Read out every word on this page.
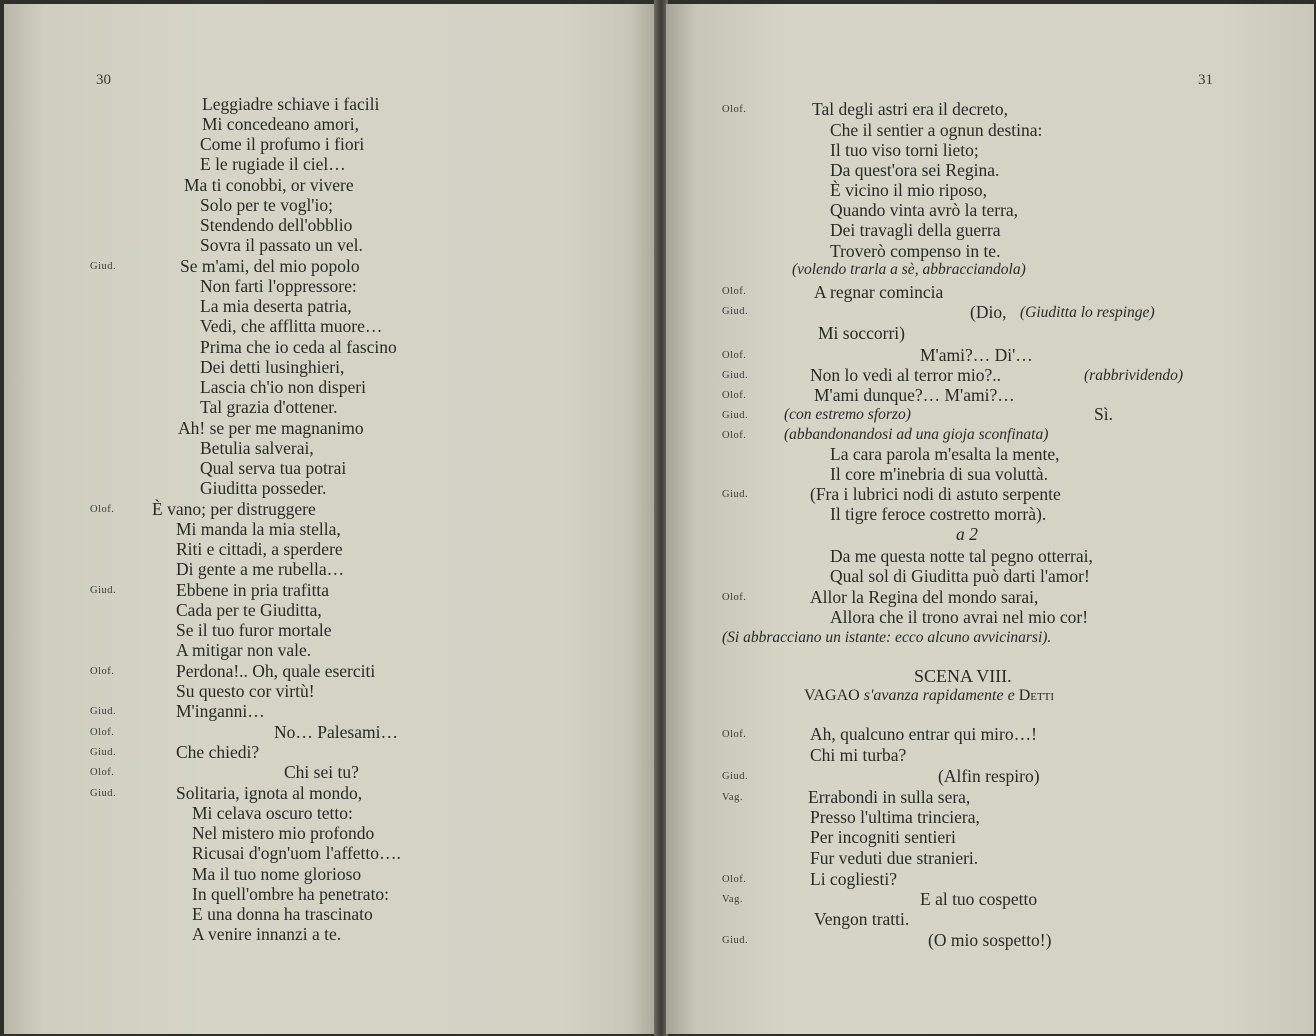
30
Leggiadre schiave i facili
Mi concedeano amori,
Come il profumo i fiori
E le rugiade il ciel…
Ma ti conobbi, or vivere
Solo per te vogl'io;
Stendendo dell'obblio
Sovra il passato un vel.
Giud.	Se m'ami, del mio popolo
Non farti l'oppressore:
La mia deserta patria,
Vedi, che afflitta muore…
Prima che io ceda al fascino
Dei detti lusinghieri,
Lascia ch'io non disperi
Tal grazia d'ottener.
Ah! se per me magnanimo
Betulia salverai,
Qual serva tua potrai
Giuditta posseder.
Olof. È vano; per distruggere
Mi manda la mia stella,
Riti e cittadi, a sperdere
Di gente a me rubella…
Giud.	Ebbene in pria trafitta
Cada per te Giuditta,
Se il tuo furor mortale
A mitigar non vale.
Olof.	Perdona!.. Oh, quale eserciti
Su questo cor virtù!
Giud.	M'inganni…
Olof.	No… Palesami…
Giud.	Che chiedi?
Olof.	Chi sei tu?
Giud.	Solitaria, ignota al mondo,
Mi celava oscuro tetto:
Nel mistero mio profondo
Ricusai d'ogn'uom l'affetto….
Ma il tuo nome glorioso
In quell'ombre ha penetrato:
E una donna ha trascinato
A venire innanzi a te.
31
Olof.	Tal degli astri era il decreto,
Che il sentier a ognun destina:
Il tuo viso torni lieto;
Da quest'ora sei Regina.
È vicino il mio riposo,
Quando vinta avrò la terra,
Dei travagli della guerra
Troverò compenso in te.
(volendo trarla a sè, abbracciandola)
Olof.	A regnar comincia
Giud.	(Dio, (Giuditta lo respinge)
Mi soccorri)
Olof.	M'ami?… Di'…
Giud.	Non lo vedi al terror mio?..	(rabbrividendo)
Olof.	M'ami dunque?… M'ami?…
Giud. (con estremo sforzo)	Sì.
Olof. (abbandonandosi ad una gioja sconfinata)
La cara parola m'esalta la mente,
Il core m'inebria di sua voluttà.
Giud.	(Fra i lubrici nodi di astuto serpente
Il tigre feroce costretto morrà).
a 2
Da me questa notte tal pegno otterrai,
Qual sol di Giuditta può darti l'amor!
Olof.	Allor la Regina del mondo sarai,
Allora che il trono avrai nel mio cor!
(Si abbracciano un istante: ecco alcuno avvicinarsi).
SCENA VIII.
VAGAO s'avanza rapidamente e Detti
Olof.	Ah, qualcuno entrar qui miro…!
Chi mi turba?
Giud.	(Alfin respiro)
Vag.	Errabondi in sulla sera,
Presso l'ultima trinciera,
Per incogniti sentieri
Fur veduti due stranieri.
Olof.	Li cogliesti?
Vag.	E al tuo cospetto
Vengon tratti.
Giud.	(O mio sospetto!)
